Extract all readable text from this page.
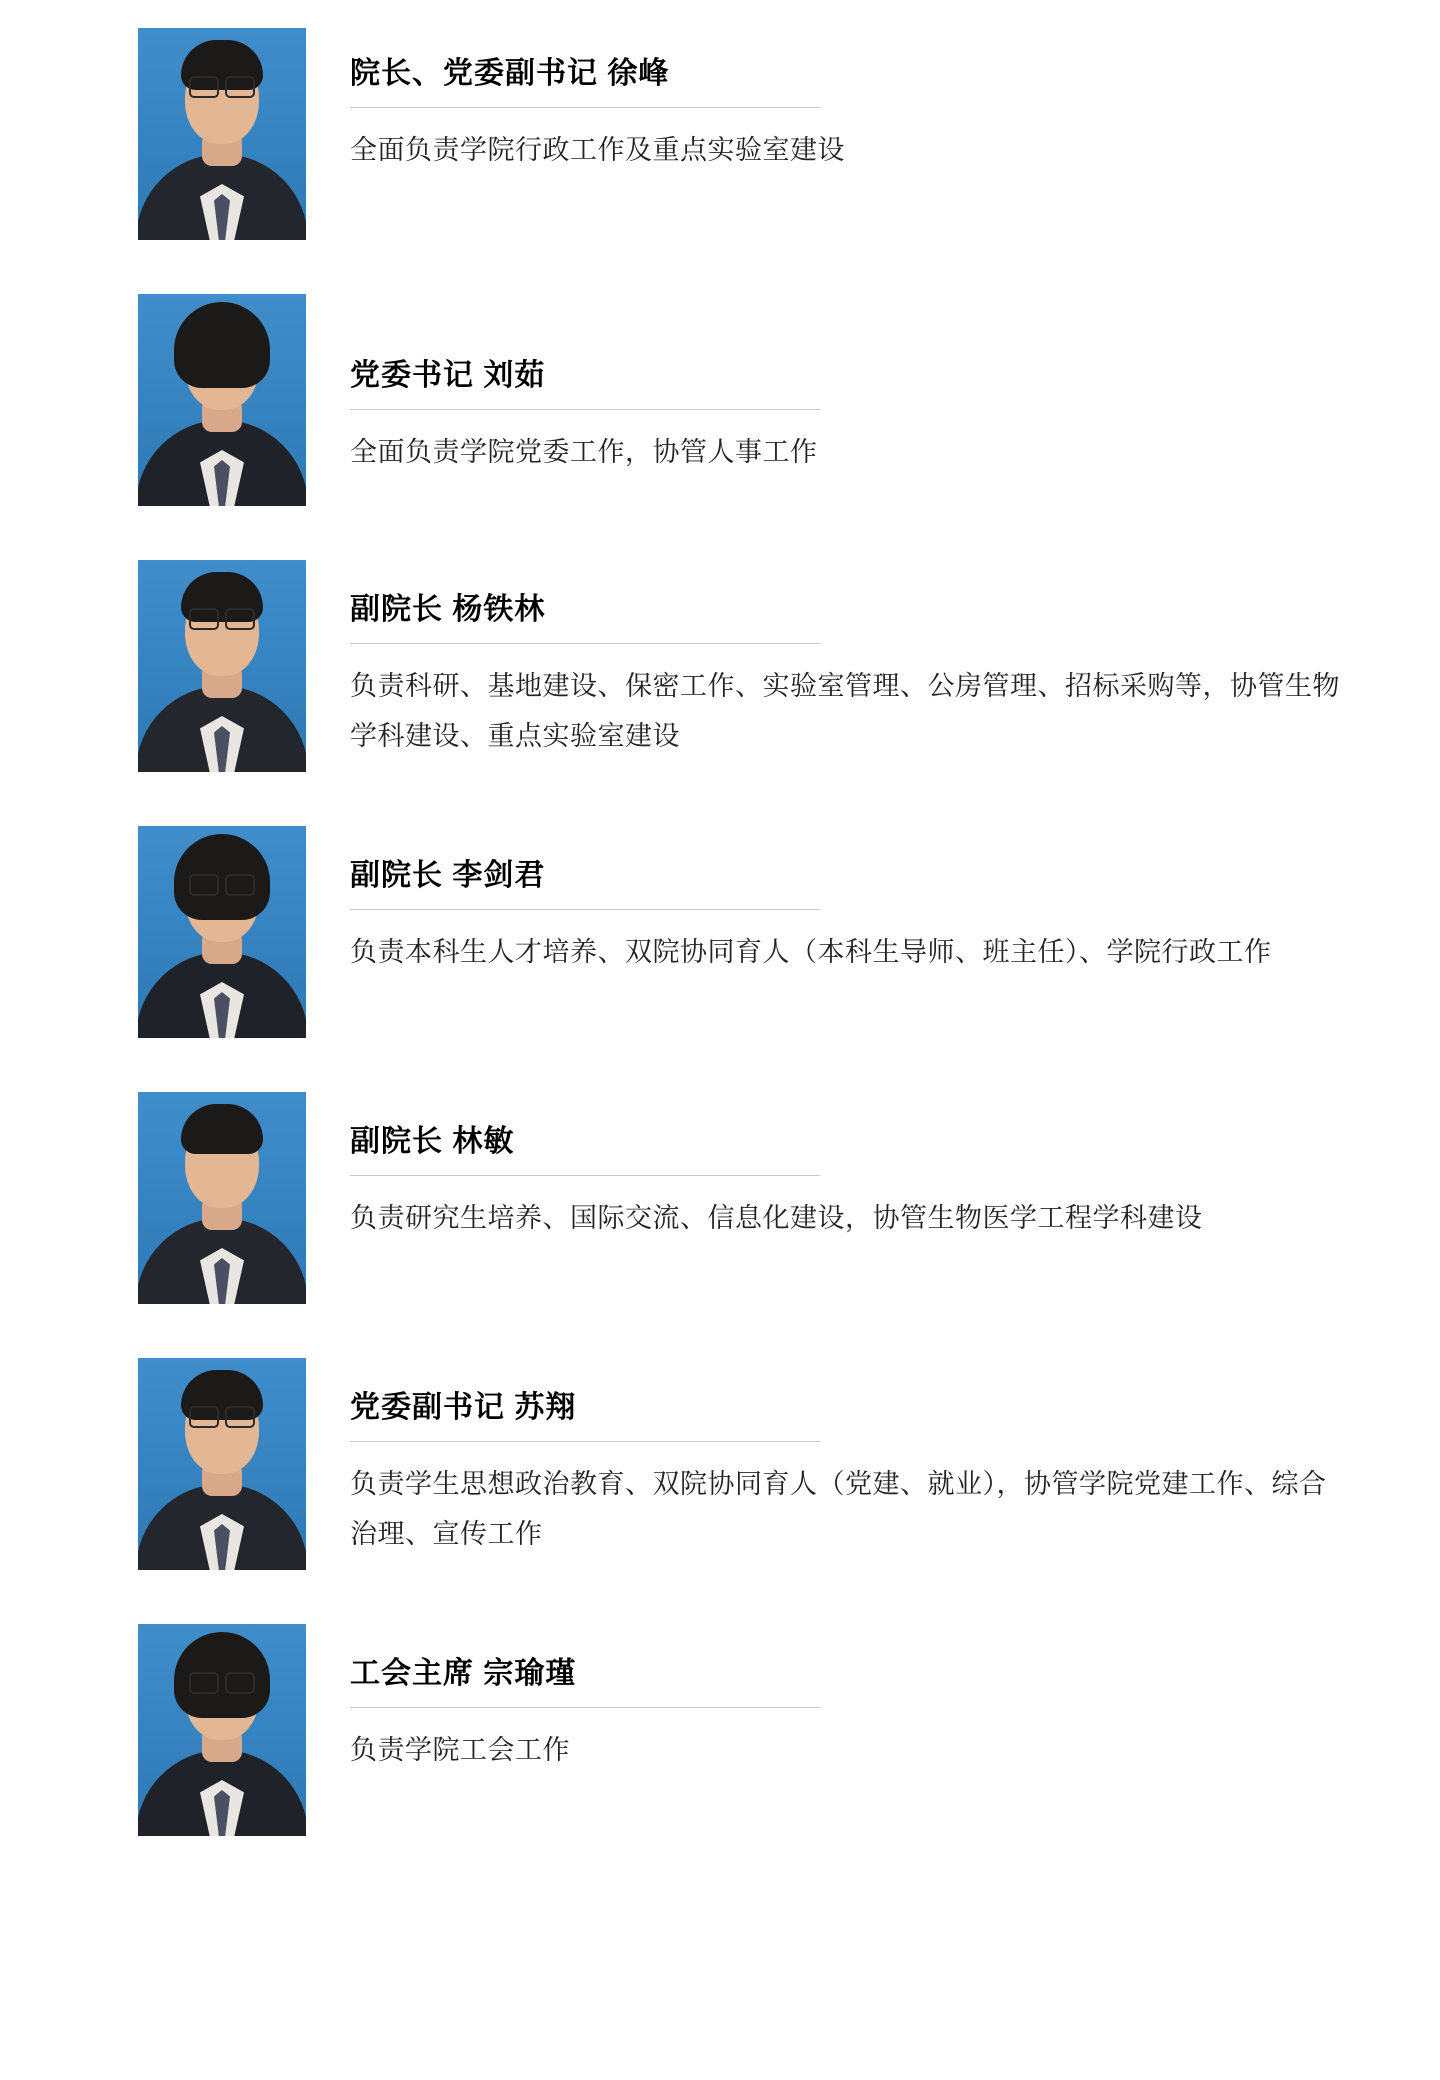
院长、党委副书记 徐峰

全面负责学院行政工作及重点实验室建设

党委书记 刘茹

全面负责学院党委工作，协管人事工作

副院长 杨铁林

负责科研、基地建设、保密工作、实验室管理、公房管理、招标采购等，协管生物学科建设、重点实验室建设

副院长 李剑君

负责本科生人才培养、双院协同育人（本科生导师、班主任）、学院行政工作

副院长 林敏

负责研究生培养、国际交流、信息化建设，协管生物医学工程学科建设

党委副书记 苏翔

负责学生思想政治教育、双院协同育人（党建、就业），协管学院党建工作、综合治理、宣传工作

工会主席 宗瑜瑾

负责学院工会工作
